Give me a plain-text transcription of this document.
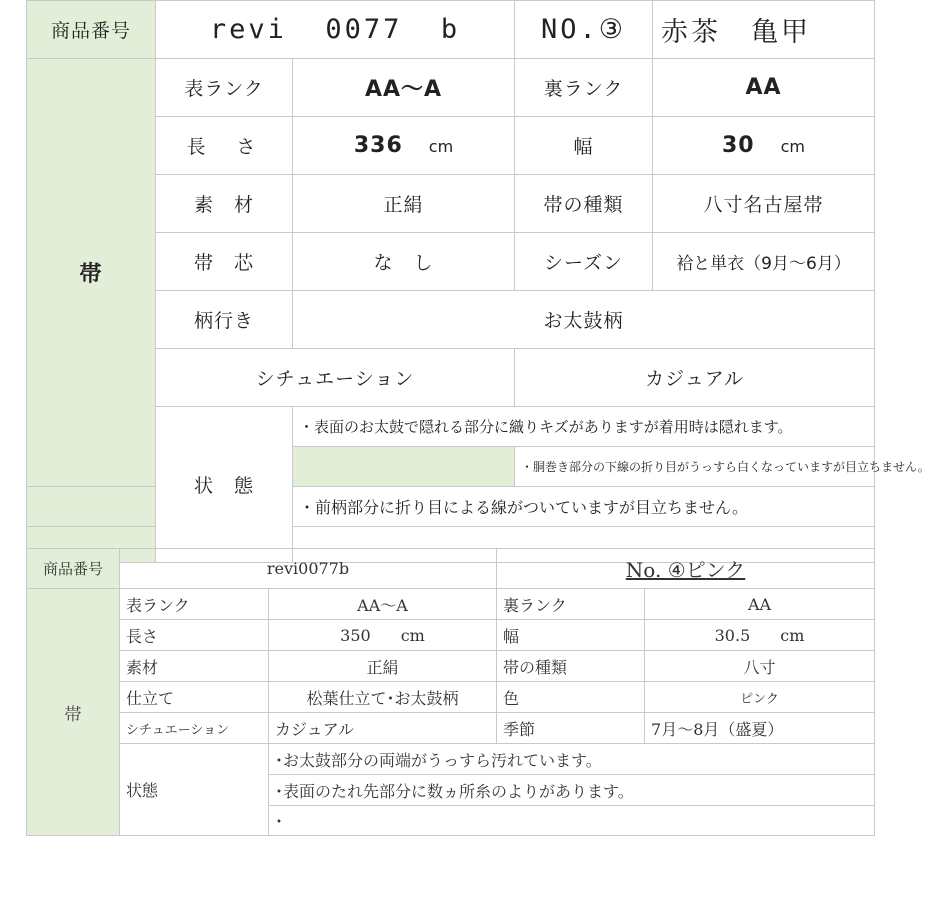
商品番号	revi  0077  b		NO.③	赤茶　亀甲
帯	表ランク	AA〜A	裏ランク	AA
	長　さ	336 cm	幅	30 cm
	素　材	正絹	帯の種類	八寸名古屋帯
	帯　芯	な　し	シーズン	袷と単衣（9月〜6月）
	柄行き	お太鼓柄		
	シチュエーション		カジュアル	
	状　態	・表面のお太鼓で隠れる部分に織りキズがありますが着用時は隠れます。		
			・胴巻き部分の下線の折り目がうっすら白くなっていますが目立ちません。	
		・前柄部分に折り目による線がついていますが目立ちません。		

商品番号	revi0077b		No. ④ピンク	
帯	表ランク	AA〜A	裏ランク	AA
	長さ	350 cm	幅	30.5 cm
	素材	正絹	帯の種類	八寸
	仕立て	松葉仕立て･お太鼓柄	色	ピンク
	シチュエーション	カジュアル	季節	7月〜8月（盛夏）
	状態	･お太鼓部分の両端がうっすら汚れています。		
		･表面のたれ先部分に数ヵ所糸のよりがあります。		
		･		
